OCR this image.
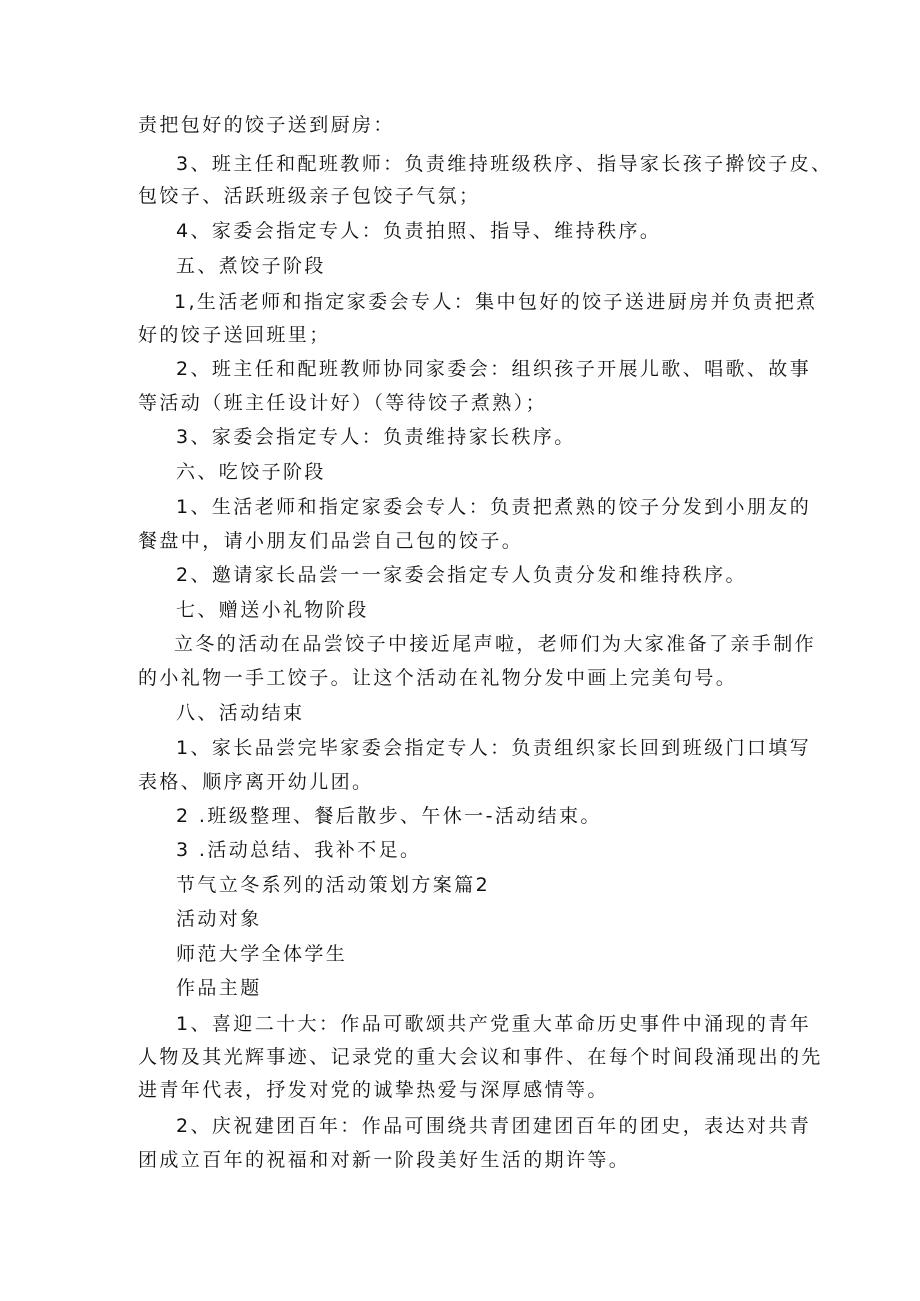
责把包好的饺子送到厨房：
3、班主任和配班教师：负责维持班级秩序、指导家长孩子擀饺子皮、
包饺子、活跃班级亲子包饺子气氛；
4、家委会指定专人：负责拍照、指导、维持秩序。
五、煮饺子阶段
1,生活老师和指定家委会专人：集中包好的饺子送进厨房并负责把煮
好的饺子送回班里；
2、班主任和配班教师协同家委会：组织孩子开展儿歌、唱歌、故事
等活动（班主任设计好）（等待饺子煮熟）；
3、家委会指定专人：负责维持家长秩序。
六、吃饺子阶段
1、生活老师和指定家委会专人：负责把煮熟的饺子分发到小朋友的
餐盘中，请小朋友们品尝自己包的饺子。
2、邀请家长品尝一一家委会指定专人负责分发和维持秩序。
七、赠送小礼物阶段
立冬的活动在品尝饺子中接近尾声啦，老师们为大家准备了亲手制作
的小礼物一手工饺子。让这个活动在礼物分发中画上完美句号。
八、活动结束
1、家长品尝完毕家委会指定专人：负责组织家长回到班级门口填写
表格、顺序离开幼儿团。
2 .班级整理、餐后散步、午休一-活动结束。
3 .活动总结、我补不足。
节气立冬系列的活动策划方案篇2
活动对象
师范大学全体学生
作品主题
1、喜迎二十大：作品可歌颂共产党重大革命历史事件中涌现的青年
人物及其光辉事迹、记录党的重大会议和事件、在每个时间段涌现出的先
进青年代表，抒发对党的诚挚热爱与深厚感情等。
2、庆祝建团百年：作品可围绕共青团建团百年的团史，表达对共青
团成立百年的祝福和对新一阶段美好生活的期许等。
